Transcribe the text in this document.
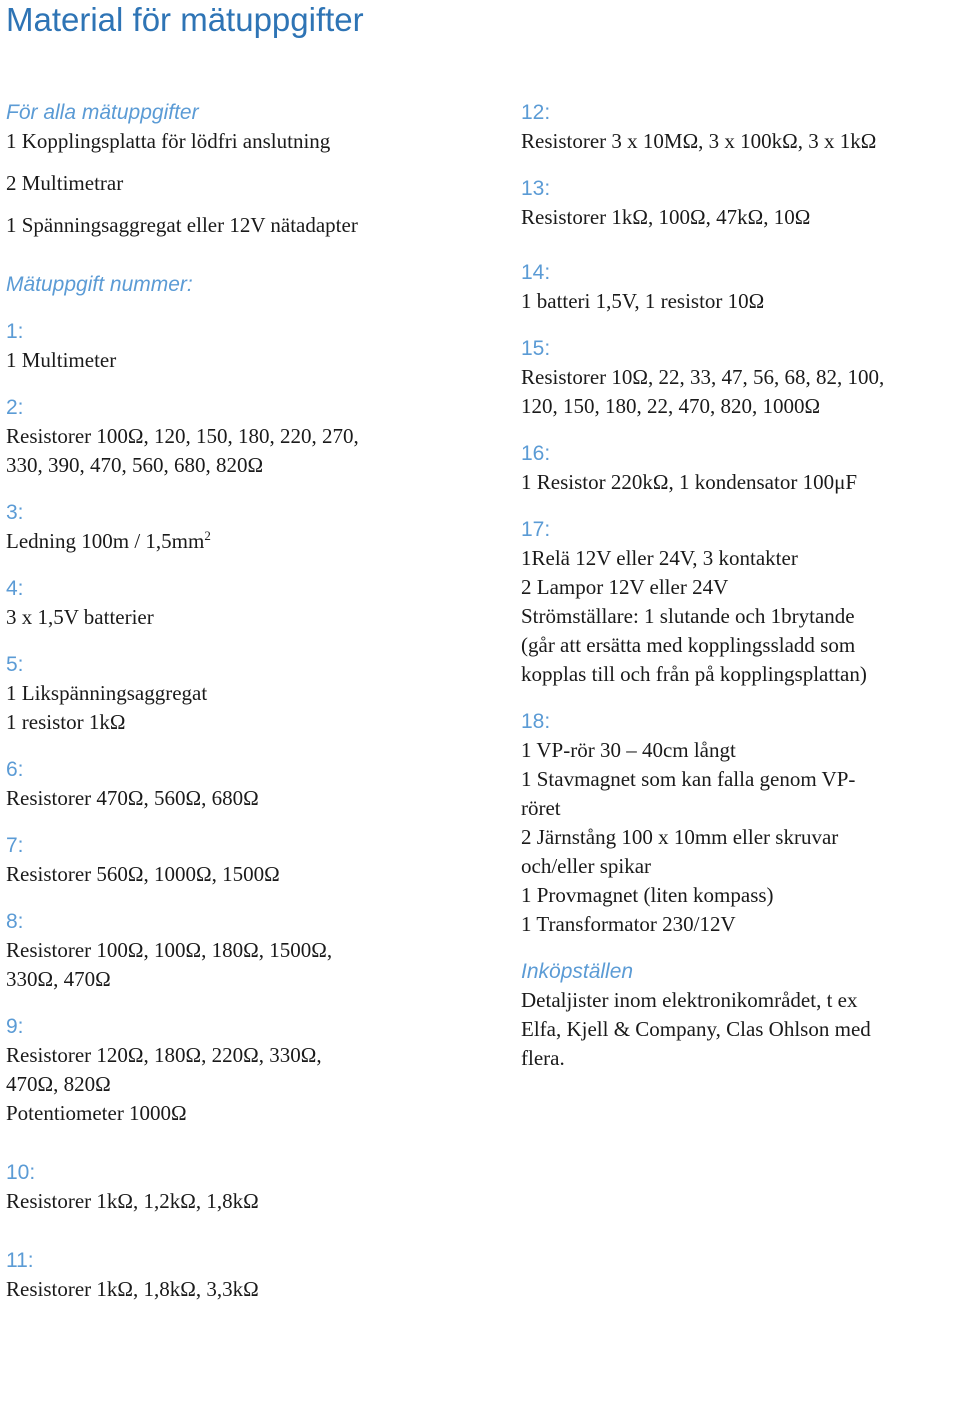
Material för mätuppgifter
För alla mätuppgifter
1 Kopplingsplatta för lödfri anslutning
2 Multimetrar
1 Spänningsaggregat eller 12V nätadapter
Mätuppgift nummer:
1:
1 Multimeter
2:
Resistorer 100Ω, 120, 150, 180, 220, 270,
330, 390, 470, 560, 680, 820Ω
3:
Ledning $100m / 1,5mm^2$
4:
3 x 1,5V batterier
5:
1 Likspänningsaggregat
1 resistor 1kΩ
6:
Resistorer 470Ω, 560Ω, 680Ω
7:
Resistorer 560Ω, 1000Ω, 1500Ω
8:
Resistorer 100Ω, 100Ω, 180Ω, 1500Ω,
330Ω, 470Ω
9:
Resistorer 120Ω, 180Ω, 220Ω, 330Ω,
470Ω, 820Ω
Potentiometer 1000Ω
10:
Resistorer 1kΩ, 1,2kΩ, 1,8kΩ
11:
Resistorer 1kΩ, 1,8kΩ, 3,3kΩ
12:
Resistorer 3 x 10MΩ, 3 x 100kΩ, 3 x 1kΩ
13:
Resistorer 1kΩ, 100Ω, 47kΩ, 10Ω
14:
1 batteri 1,5V, 1 resistor 10Ω
15:
Resistorer 10Ω, 22, 33, 47, 56, 68, 82, 100,
120, 150, 180, 22, 470, 820, 1000Ω
16:
1 Resistor 220kΩ, 1 kondensator 100μF
17:
1Relä 12V eller 24V, 3 kontakter
2 Lampor 12V eller 24V
Strömställare: 1 slutande och 1brytande
(går att ersätta med kopplingssladd som
kopplas till och från på kopplingsplattan)
18:
1 VP-rör 30 – 40cm långt
1 Stavmagnet som kan falla genom VP-
röret
2 Järnstång 100 x 10mm eller skruvar
och/eller spikar
1 Provmagnet (liten kompass)
1 Transformator 230/12V
Inköpställen
Detaljister inom elektronikområdet, t ex
Elfa, Kjell & Company, Clas Ohlson med
flera.
